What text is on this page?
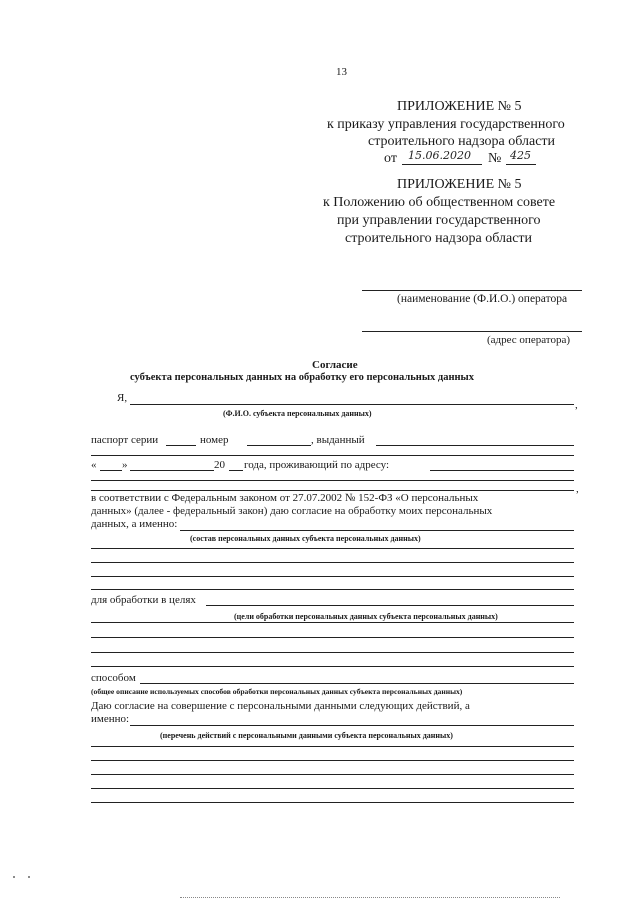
13
ПРИЛОЖЕНИЕ № 5
к приказу управления государственного
строительного надзора области
от 15.06.2020 № 425
ПРИЛОЖЕНИЕ № 5
к Положению об общественном совете
при управлении государственного
строительного надзора области
(наименование (Ф.И.О.) оператора
(адрес оператора)
Согласие
субъекта персональных данных на обработку его персональных данных
Я,
,
(Ф.И.О. субъекта персональных данных)
паспорт серии	номер	, выданный
« »	20 года, проживающий по адресу:
,
в соответствии с Федеральным законом от 27.07.2002 № 152-ФЗ «О персональных
данных» (далее - федеральный закон) даю согласие на обработку моих персональных
данных, а именно:
(состав персональных данных субъекта персональных данных)
для обработки в целях
(цели обработки персональных данных субъекта персональных данных)
способом
(общее описание используемых способов обработки персональных данных субъекта персональных данных)
Даю согласие на совершение с персональными данными следующих действий, а
именно:
(перечень действий с персональными данными субъекта персональных данных)
